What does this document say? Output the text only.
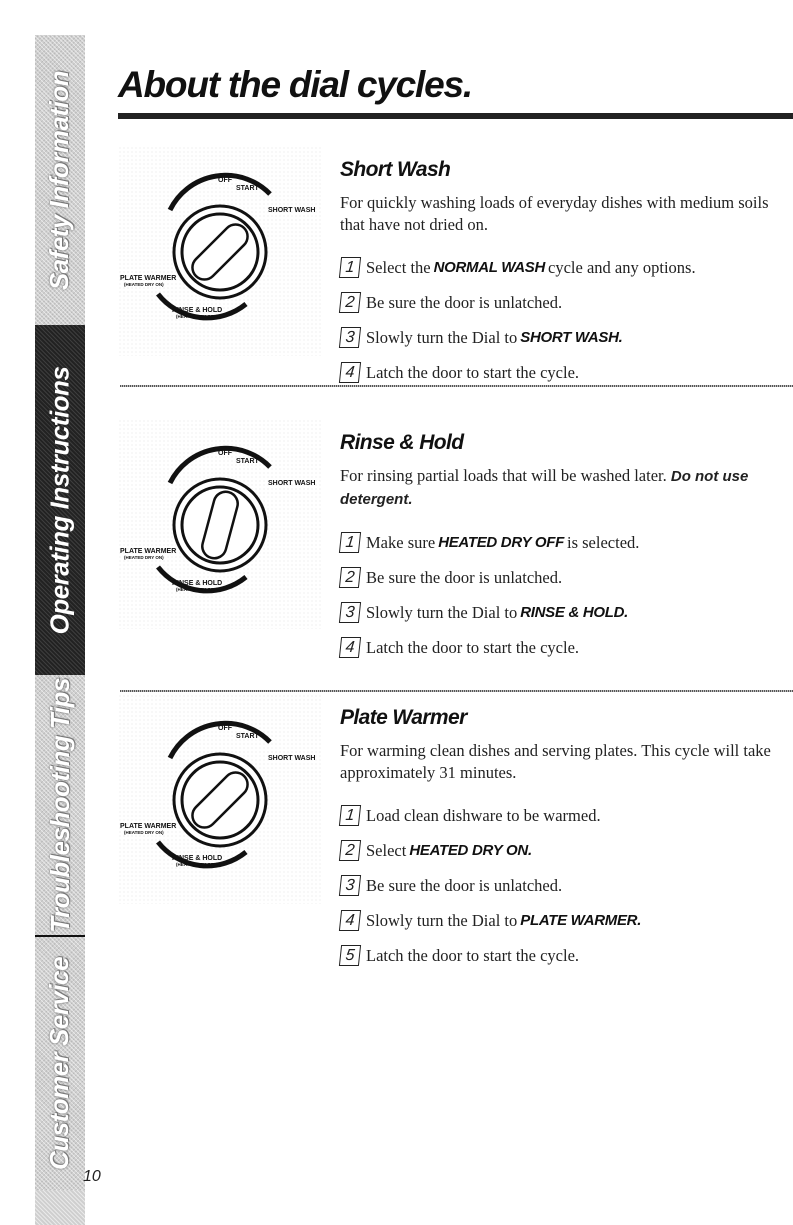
Safety Information
Operating Instructions
Troubleshooting Tips
Customer Service
About the dial cycles.
OFF
START
SHORT WASH
PLATE WARMER
(HEATED DRY ON)
RINSE & HOLD
(HEATED DRY OFF)
Short Wash

For quickly washing loads of everyday dishes with medium soils that have not dried on.

1 Select the NORMAL WASH cycle and any options.
2 Be sure the door is unlatched.
3 Slowly turn the Dial to SHORT WASH.
4 Latch the door to start the cycle.
OFF
START
SHORT WASH
PLATE WARMER
(HEATED DRY ON)
RINSE & HOLD
(HEATED DRY OFF)
Rinse & Hold

For rinsing partial loads that will be washed later. Do not use detergent.

1 Make sure HEATED DRY OFF is selected.
2 Be sure the door is unlatched.
3 Slowly turn the Dial to RINSE & HOLD.
4 Latch the door to start the cycle.
OFF
START
SHORT WASH
PLATE WARMER
(HEATED DRY ON)
RINSE & HOLD
(HEATED DRY OFF)
Plate Warmer

For warming clean dishes and serving plates. This cycle will take approximately 31 minutes.

1 Load clean dishware to be warmed.
2 Select HEATED DRY ON.
3 Be sure the door is unlatched.
4 Slowly turn the Dial to PLATE WARMER.
5 Latch the door to start the cycle.
10
